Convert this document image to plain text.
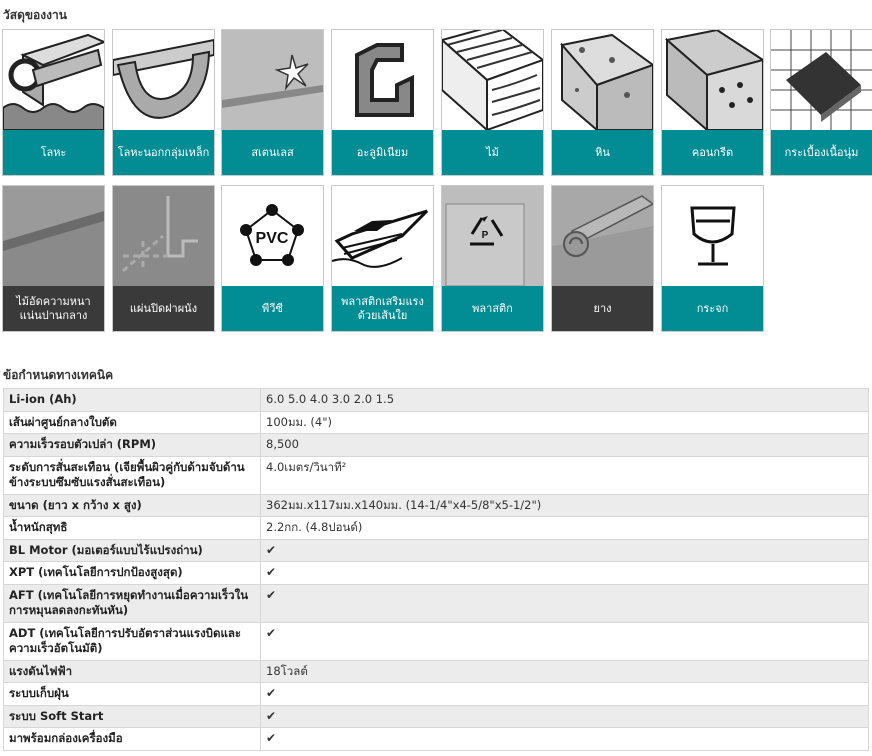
วัสดุของงาน
โลหะ	โลหะนอกกลุ่มเหล็ก	สเตนเลส	อะลูมิเนียม	ไม้	หิน	คอนกรีต	กระเบื้องเนื้อนุ่ม
ไม้อัดความหนาแน่นปานกลาง
แผ่นปิดฝาผนัง
PVC
พีวีซี
พลาสติกเสริมแรงด้วยเส้นใย
P
พลาสติก	ยาง	กระจก
ข้อกำหนดทางเทคนิค
Li-ion (Ah)	6.0 5.0 4.0 3.0 2.0 1.5
เส้นผ่าศูนย์กลางใบตัด	100มม. (4")
ความเร็วรอบตัวเปล่า (RPM)	8,500
ระดับการสั่นสะเทือน (เจียพื้นผิวคู่กับด้ามจับด้านข้างระบบซึมซับแรงสั่นสะเทือน)	4.0เมตร/วินาที²
ขนาด (ยาว x กว้าง x สูง)	362มม.x117มม.x140มม. (14-1/4"x4-5/8"x5-1/2")
น้ำหนักสุทธิ	2.2กก. (4.8ปอนด์)
BL Motor (มอเตอร์แบบไร้แปรงถ่าน)	✔
XPT (เทคโนโลยีการปกป้องสูงสุด)	✔
AFT (เทคโนโลยีการหยุดทำงานเมื่อความเร็วในการหมุนลดลงกะทันหัน)	✔
ADT (เทคโนโลยีการปรับอัตราส่วนแรงบิดและความเร็วอัตโนมัติ)	✔
แรงดันไฟฟ้า	18โวลต์
ระบบเก็บฝุ่น	✔
ระบบ Soft Start	✔
มาพร้อมกล่องเครื่องมือ	✔
